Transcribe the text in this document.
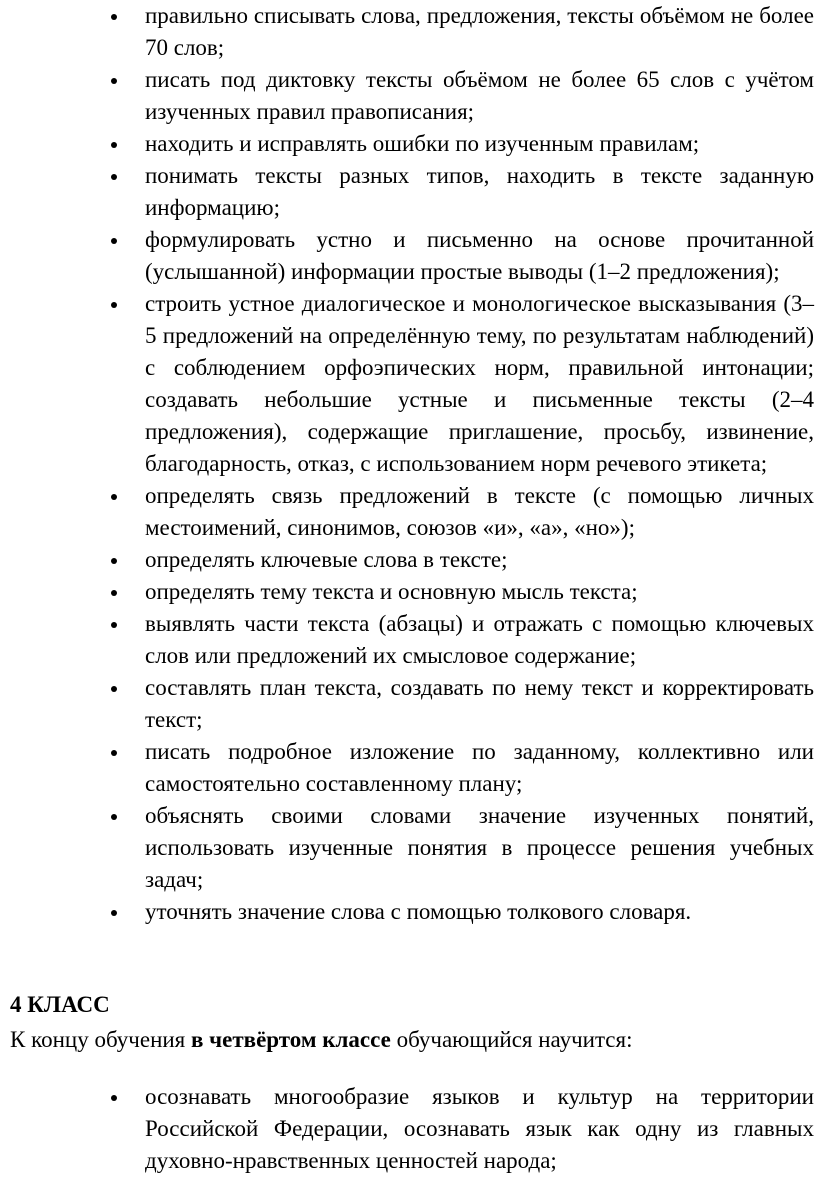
правильно списывать слова, предложения, тексты объёмом не более 70 слов;
писать под диктовку тексты объёмом не более 65 слов с учётом изученных правил правописания;
находить и исправлять ошибки по изученным правилам;
понимать тексты разных типов, находить в тексте заданную информацию;
формулировать устно и письменно на основе прочитанной (услышанной) информации простые выводы (1–2 предложения);
строить устное диалогическое и монологическое высказывания (3–5 предложений на определённую тему, по результатам наблюдений) с соблюдением орфоэпических норм, правильной интонации; создавать небольшие устные и письменные тексты (2–4 предложения), содержащие приглашение, просьбу, извинение, благодарность, отказ, с использованием норм речевого этикета;
определять связь предложений в тексте (с помощью личных местоимений, синонимов, союзов «и», «а», «но»);
определять ключевые слова в тексте;
определять тему текста и основную мысль текста;
выявлять части текста (абзацы) и отражать с помощью ключевых слов или предложений их смысловое содержание;
составлять план текста, создавать по нему текст и корректировать текст;
писать подробное изложение по заданному, коллективно или самостоятельно составленному плану;
объяснять своими словами значение изученных понятий, использовать изученные понятия в процессе решения учебных задач;
уточнять значение слова с помощью толкового словаря.
4 КЛАСС

К концу обучения в четвёртом классе обучающийся научится:

осознавать многообразие языков и культур на территории Российской Федерации, осознавать язык как одну из главных духовно-нравственных ценностей народа;
